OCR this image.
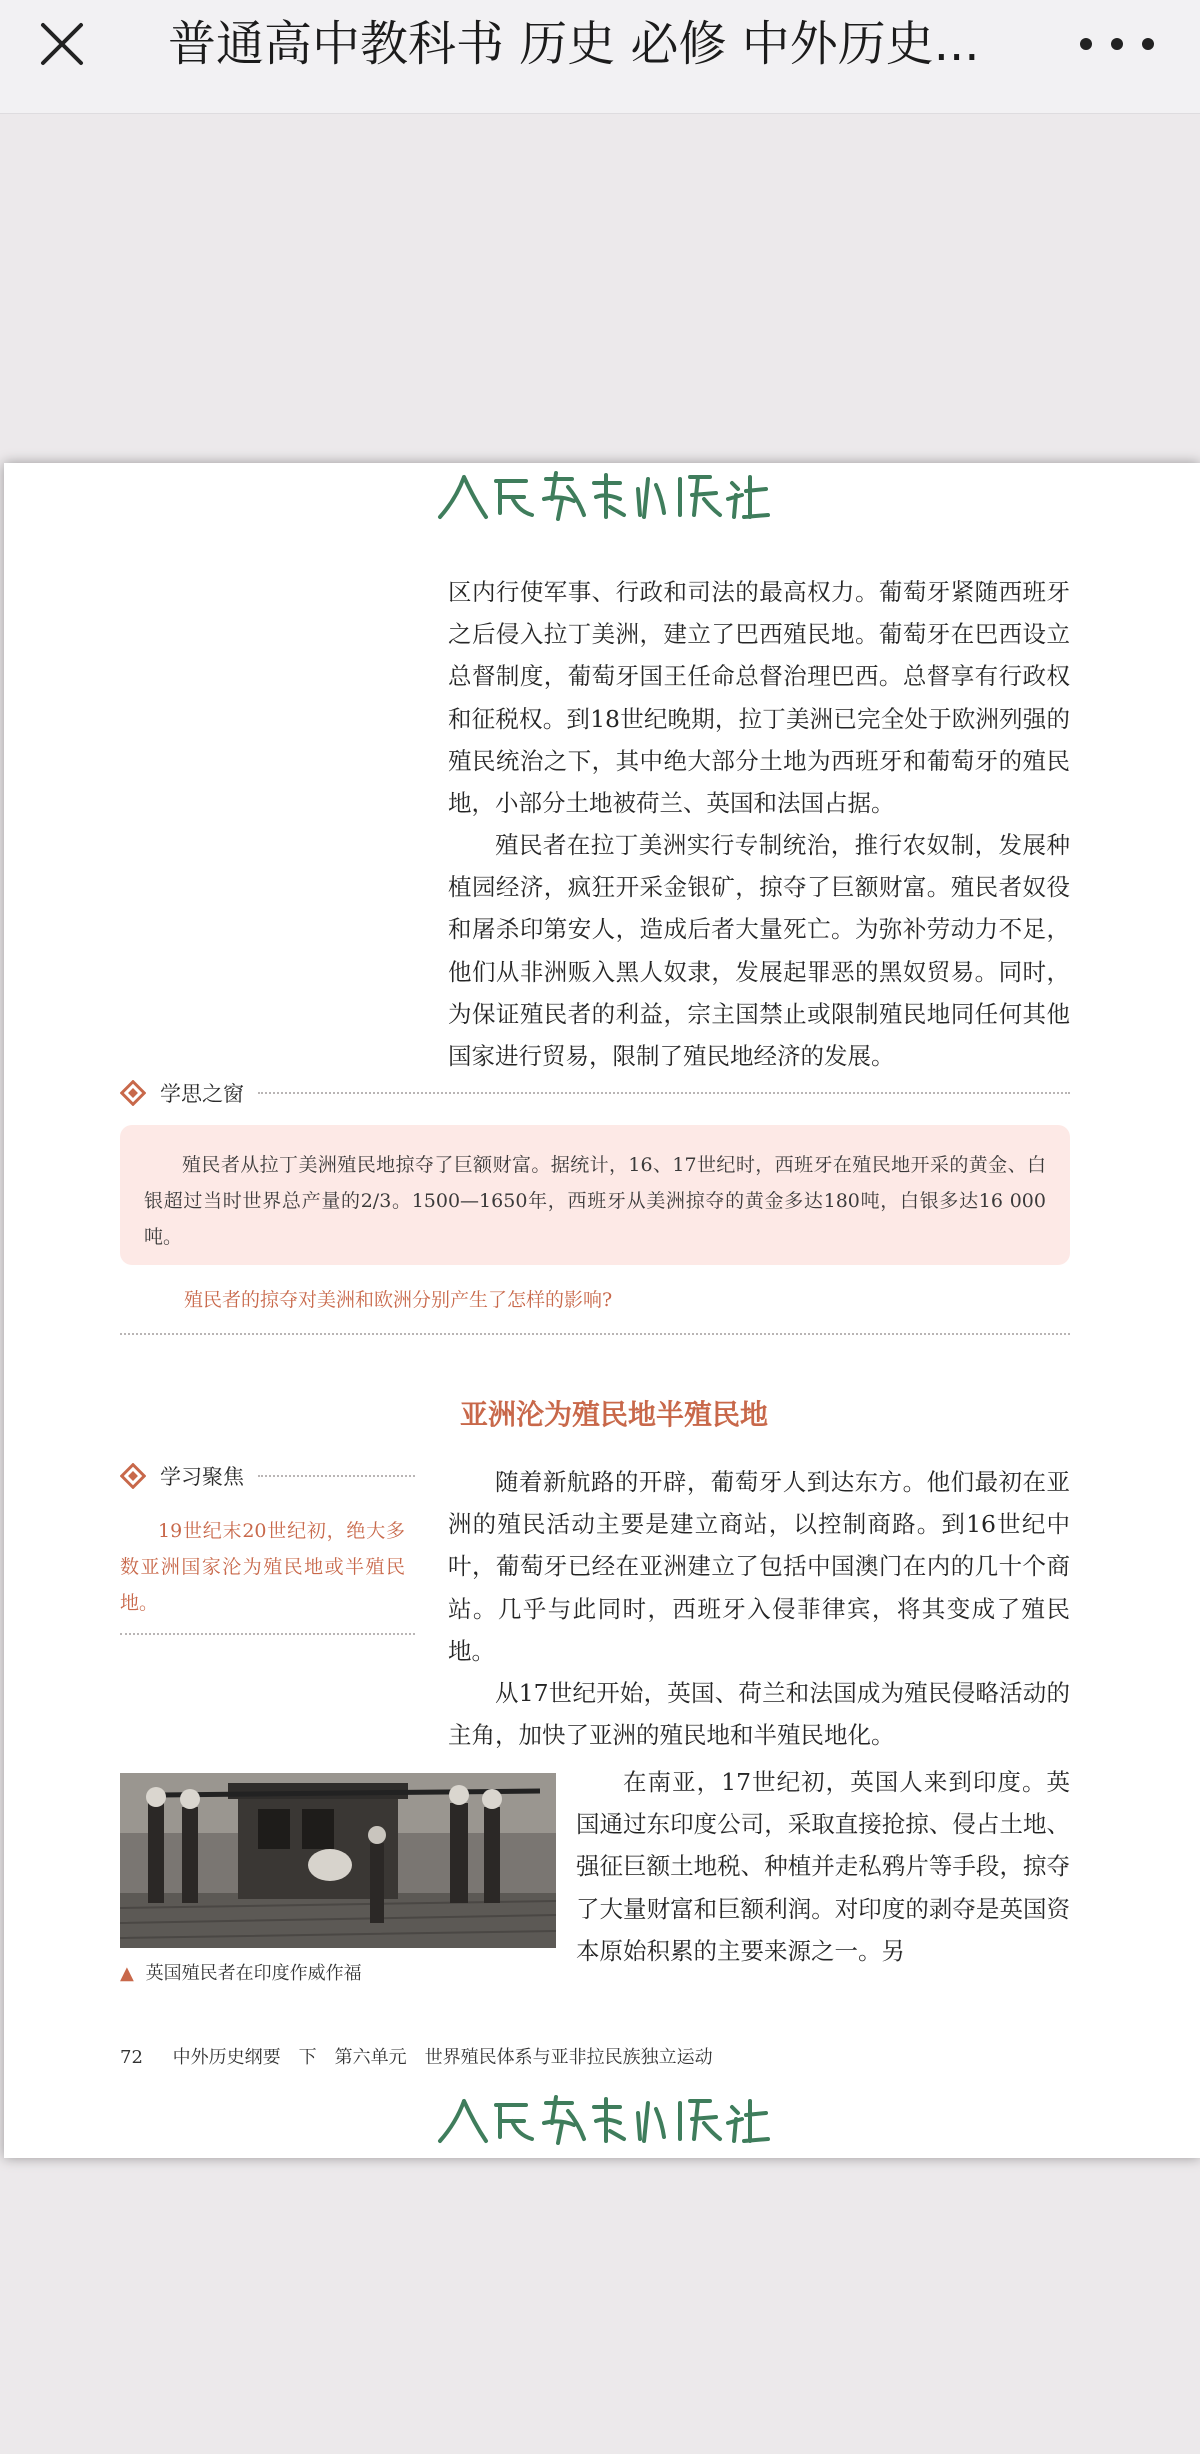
普通高中教科书 历史 必修 中外历史...

区内行使军事、行政和司法的最高权力。葡萄牙紧随西班牙之后侵入拉丁美洲，建立了巴西殖民地。葡萄牙在巴西设立总督制度，葡萄牙国王任命总督治理巴西。总督享有行政权和征税权。到18世纪晚期，拉丁美洲已完全处于欧洲列强的殖民统治之下，其中绝大部分土地为西班牙和葡萄牙的殖民地，小部分土地被荷兰、英国和法国占据。

殖民者在拉丁美洲实行专制统治，推行农奴制，发展种植园经济，疯狂开采金银矿，掠夺了巨额财富。殖民者奴役和屠杀印第安人，造成后者大量死亡。为弥补劳动力不足，他们从非洲贩入黑人奴隶，发展起罪恶的黑奴贸易。同时，为保证殖民者的利益，宗主国禁止或限制殖民地同任何其他国家进行贸易，限制了殖民地经济的发展。

学思之窗

殖民者从拉丁美洲殖民地掠夺了巨额财富。据统计，16、17世纪时，西班牙在殖民地开采的黄金、白银超过当时世界总产量的2/3。1500—1650年，西班牙从美洲掠夺的黄金多达180吨，白银多达16 000吨。

殖民者的掠夺对美洲和欧洲分别产生了怎样的影响?
亚洲沦为殖民地半殖民地
学习聚焦

19世纪末20世纪初，绝大多数亚洲国家沦为殖民地或半殖民地。

随着新航路的开辟，葡萄牙人到达东方。他们最初在亚洲的殖民活动主要是建立商站，以控制商路。到16世纪中叶，葡萄牙已经在亚洲建立了包括中国澳门在内的几十个商站。几乎与此同时，西班牙入侵菲律宾，将其变成了殖民地。

从17世纪开始，英国、荷兰和法国成为殖民侵略活动的主角，加快了亚洲的殖民地和半殖民地化。

在南亚，17世纪初，英国人来到印度。英国通过东印度公司，采取直接抢掠、侵占土地、强征巨额土地税、种植并走私鸦片等手段，掠夺了大量财富和巨额利润。对印度的剥夺是英国资本原始积累的主要来源之一。另

▲ 英国殖民者在印度作威作福
72 中外历史纲要　下　第六单元　世界殖民体系与亚非拉民族独立运动
